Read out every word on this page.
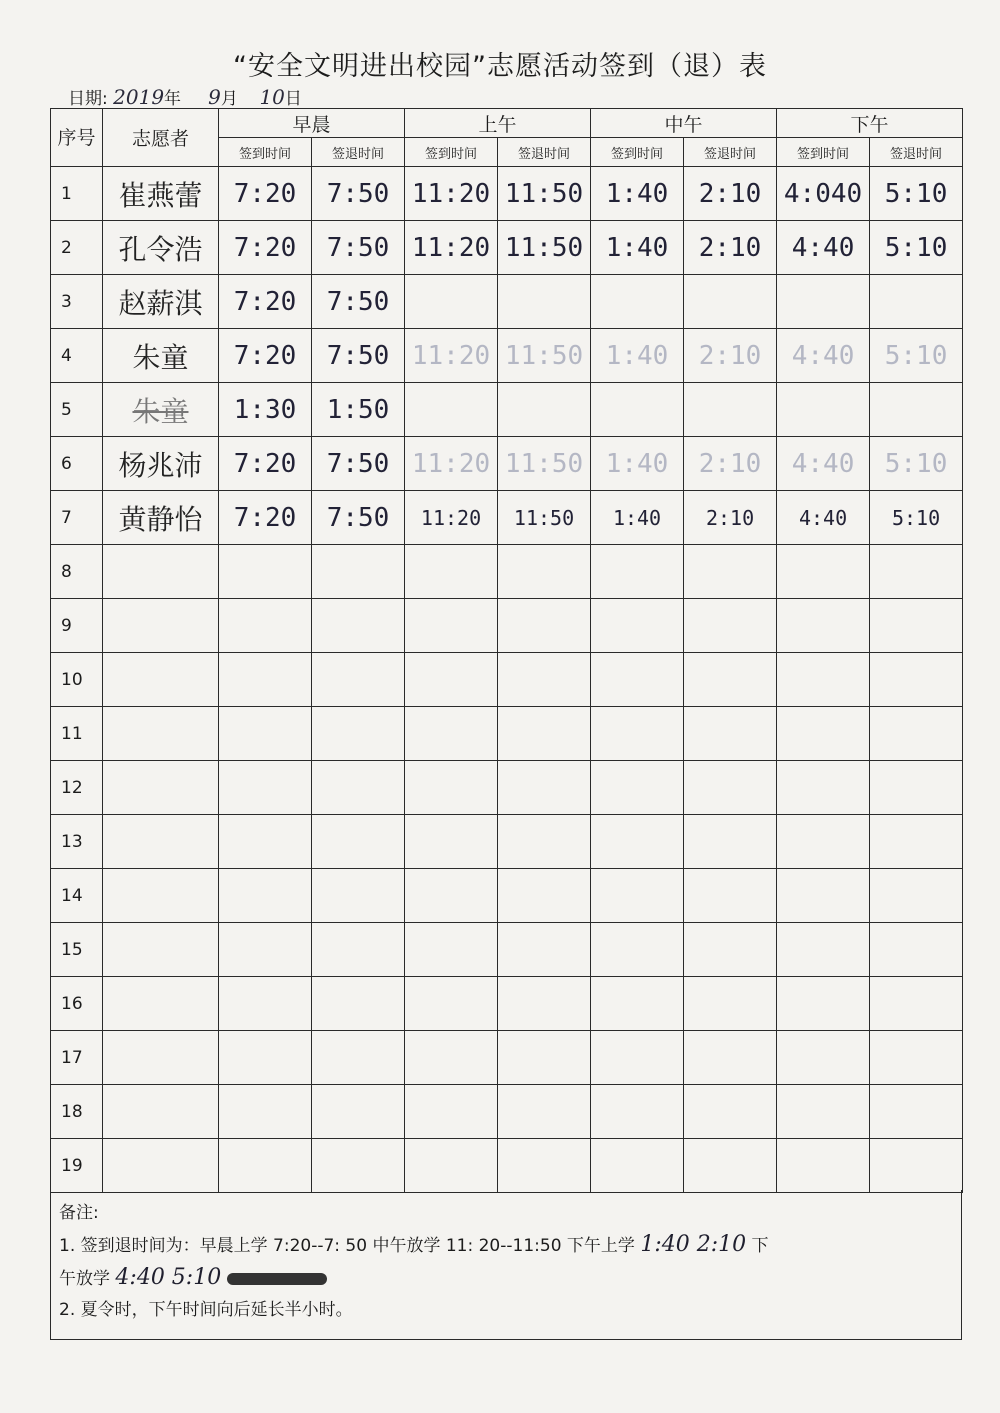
“安全文明进出校园”志愿活动签到（退）表
日期: 2019年 9月 10日
序号	志愿者	早晨		上午		中午		下午	
		签到时间	签退时间	签到时间	签退时间	签到时间	签退时间	签到时间	签退时间
1	崔燕蕾	7:20	7:50	11:20	11:50	1:40	2:10	4:040	5:10
2	孔令浩	7:20	7:50	11:20	11:50	1:40	2:10	4:40	5:10
3	赵薪淇	7:20	7:50						
4	朱童	7:20	7:50	11:20	11:50	1:40	2:10	4:40	5:10
5	朱童	1:30	1:50						
6	杨兆沛	7:20	7:50	11:20	11:50	1:40	2:10	4:40	5:10
7	黄静怡	7:20	7:50	11:20	11:50	1:40	2:10	4:40	5:10
8									
9									
10									
11									
12									
13									
14									
15									
16									
17									
18									
19									
备注:
1. 签到退时间为：早晨上学 7:20--7: 50 中午放学 11: 20--11:50 下午上学 1:40 2:10 下
午放学 4:40 5:10
2. 夏令时，下午时间向后延长半小时。
